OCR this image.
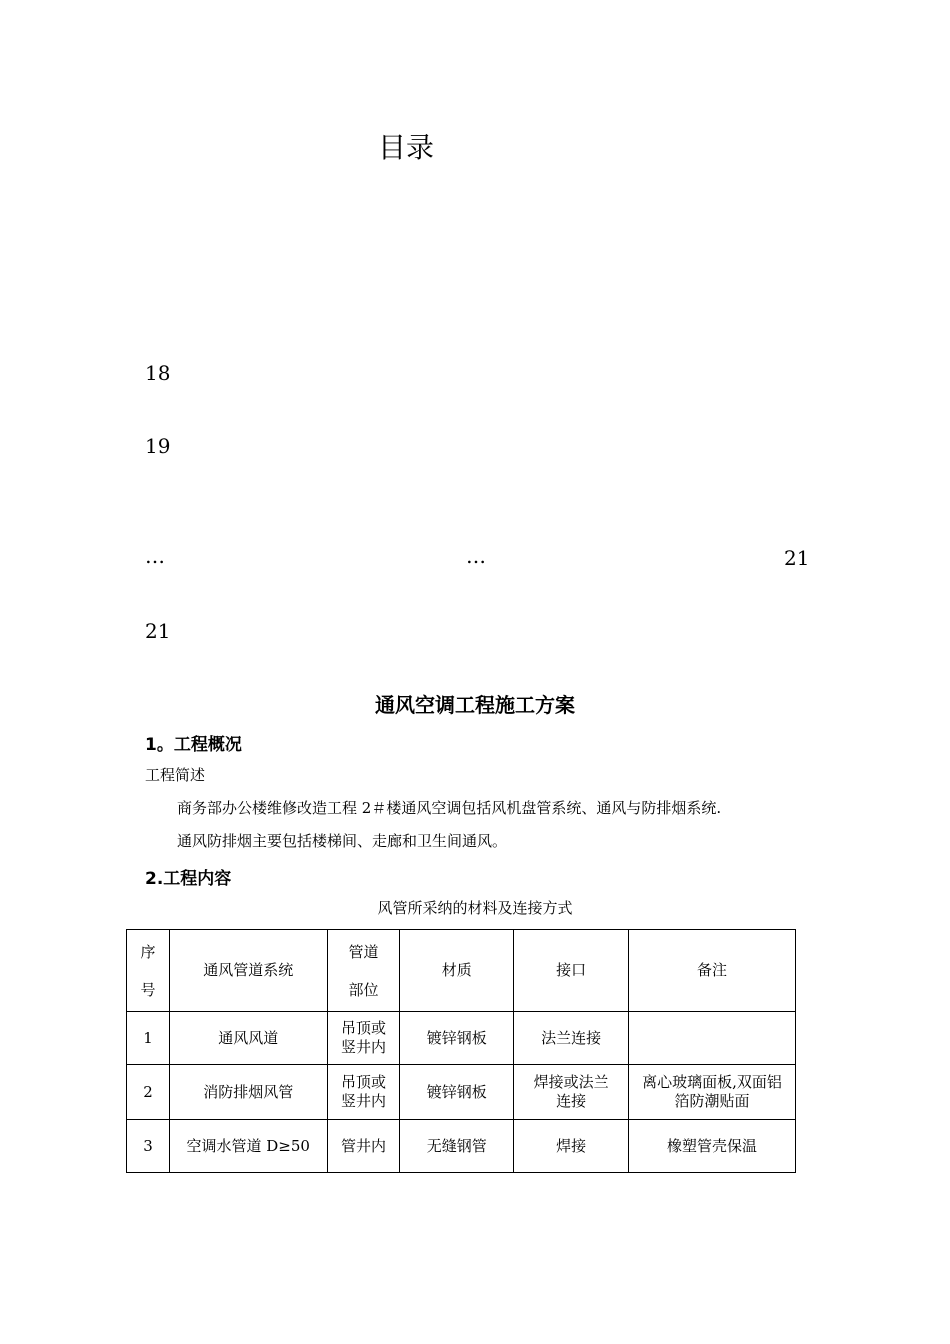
目录
18
19
…	…	21
21
通风空调工程施工方案
1。工程概况
工程简述
商务部办公楼维修改造工程 2＃楼通风空调包括风机盘管系统、通风与防排烟系统.
通风防排烟主要包括楼梯间、走廊和卫生间通风。
2.工程内容
风管所采纳的材料及连接方式
序号	通风管道系统	管道部位	材质	接口	备注
1	通风风道	吊顶或竖井内	镀锌钢板	法兰连接	
2	消防排烟风管	吊顶或竖井内	镀锌钢板	焊接或法兰连接	离心玻璃面板,双面铝箔防潮贴面

3	空调水管道 D≥50	管井内	无缝钢管	焊接	橡塑管壳保温
